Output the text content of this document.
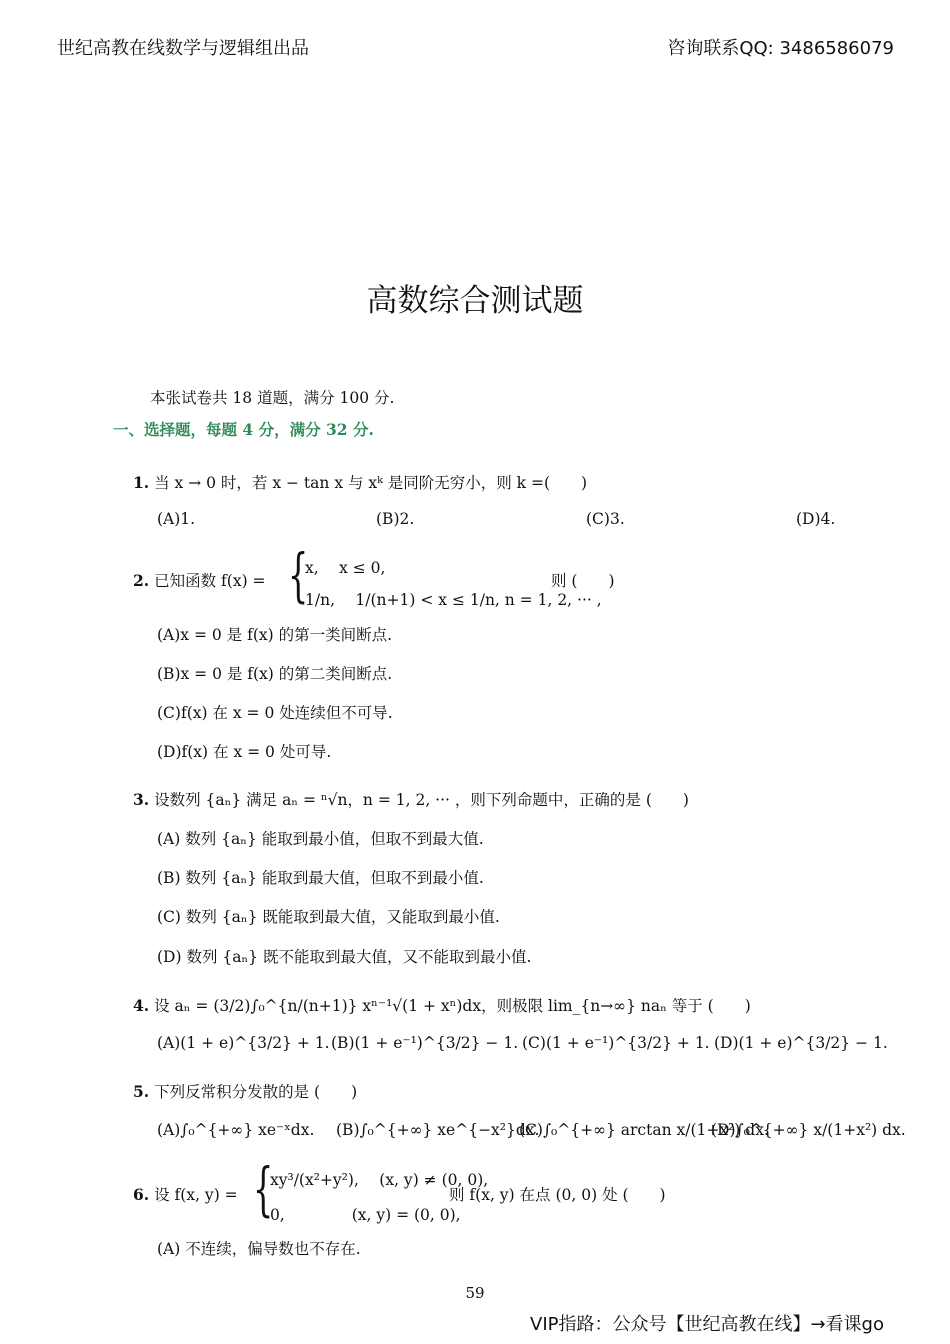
世纪高教在线数学与逻辑组出品	咨询联系QQ: 3486586079
高数综合测试题
本张试卷共 18 道题，满分 100 分.
一、选择题，每题 4 分，满分 32 分.
1. 当 x → 0 时，若 x − tan x 与 xᵏ 是同阶无穷小，则 k =(　　)
(A)1.	(B)2.	(C)3.	(D)4.
2. 已知函数 f(x) = {
x,　 x ≤ 0,
1/n,　 1/(n+1) < x ≤ 1/n, n = 1, 2, ··· ,
则 (　　)
(A)x = 0 是 f(x) 的第一类间断点.
(B)x = 0 是 f(x) 的第二类间断点.
(C)f(x) 在 x = 0 处连续但不可导.
(D)f(x) 在 x = 0 处可导.
3. 设数列 {aₙ} 满足 aₙ = ⁿ√n，n = 1, 2, ··· ，则下列命题中，正确的是 (　　)
(A) 数列 {aₙ} 能取到最小值，但取不到最大值.
(B) 数列 {aₙ} 能取到最大值，但取不到最小值.
(C) 数列 {aₙ} 既能取到最大值，又能取到最小值.
(D) 数列 {aₙ} 既不能取到最大值，又不能取到最小值.
4. 设 aₙ = (3/2)∫₀^{n/(n+1)} xⁿ⁻¹√(1 + xⁿ)dx，则极限 lim_{n→∞} naₙ 等于 (　　)
(A)(1 + e)^{3/2} + 1. (B)(1 + e⁻¹)^{3/2} − 1. (C)(1 + e⁻¹)^{3/2} + 1. (D)(1 + e)^{3/2} − 1.
5. 下列反常积分发散的是 (　　)
(A)∫₀^{+∞} xe⁻ˣdx. (B)∫₀^{+∞} xe^{−x²}dx.
(C)∫₀^{+∞} arctan x/(1+x²) dx.
(D)∫₀^{+∞} x/(1+x²) dx.
6. 设 f(x, y) = {
xy³/(x²+y²),　 (x, y) ≠ (0, 0),
0,　　　　 (x, y) = (0, 0),
则 f(x, y) 在点 (0, 0) 处 (　　)
(A) 不连续，偏导数也不存在.
59
VIP指路：公众号【世纪高教在线】→看课go
